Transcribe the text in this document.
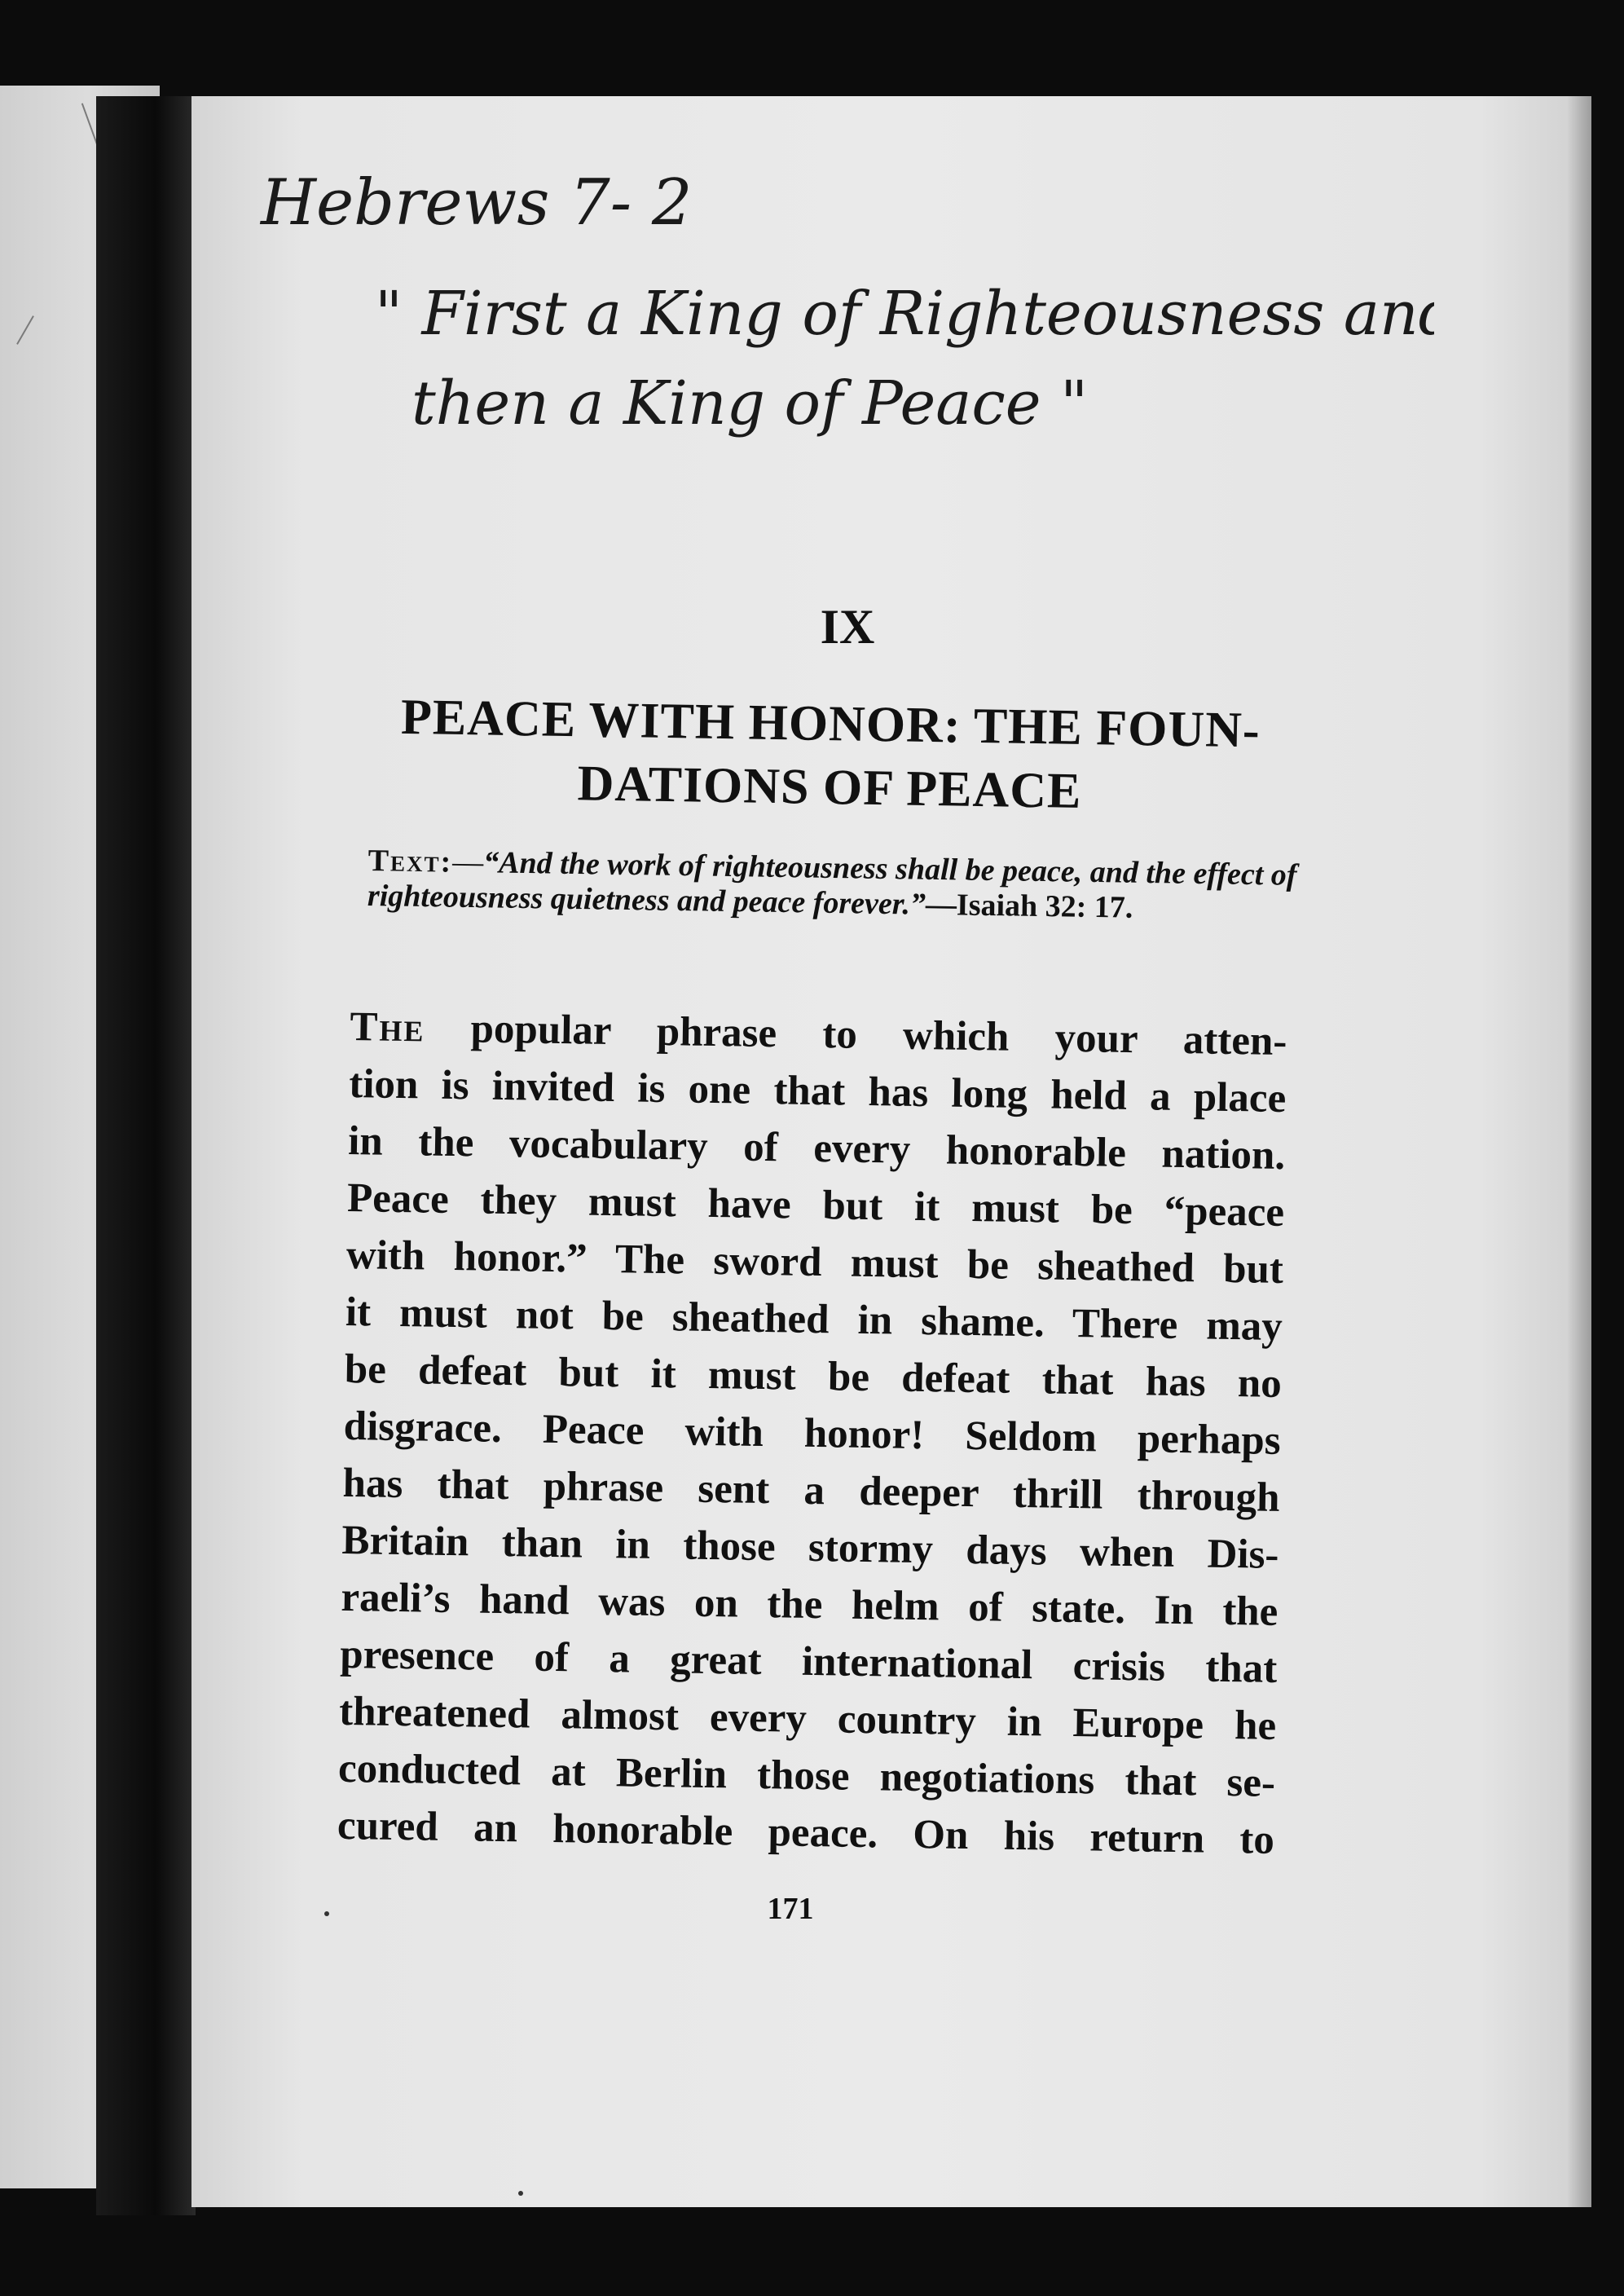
Hebrews 7- 2
" First a King of Righteousness and
then a King of Peace "
IX
PEACE WITH HONOR: THE FOUN-
DATIONS OF PEACE
Text:—“And the work of righteousness shall be peace, and the effect of righteousness quietness and peace forever.”—Isaiah 32: 17.
The popular phrase to which your atten-
tion is invited is one that has long held a place
in the vocabulary of every honorable nation.
Peace they must have but it must be “peace
with honor.” The sword must be sheathed but
it must not be sheathed in shame. There may
be defeat but it must be defeat that has no
disgrace. Peace with honor! Seldom perhaps
has that phrase sent a deeper thrill through
Britain than in those stormy days when Dis-
raeli’s hand was on the helm of state. In the
presence of a great international crisis that
threatened almost every country in Europe he
conducted at Berlin those negotiations that se-
cured an honorable peace. On his return to
171
